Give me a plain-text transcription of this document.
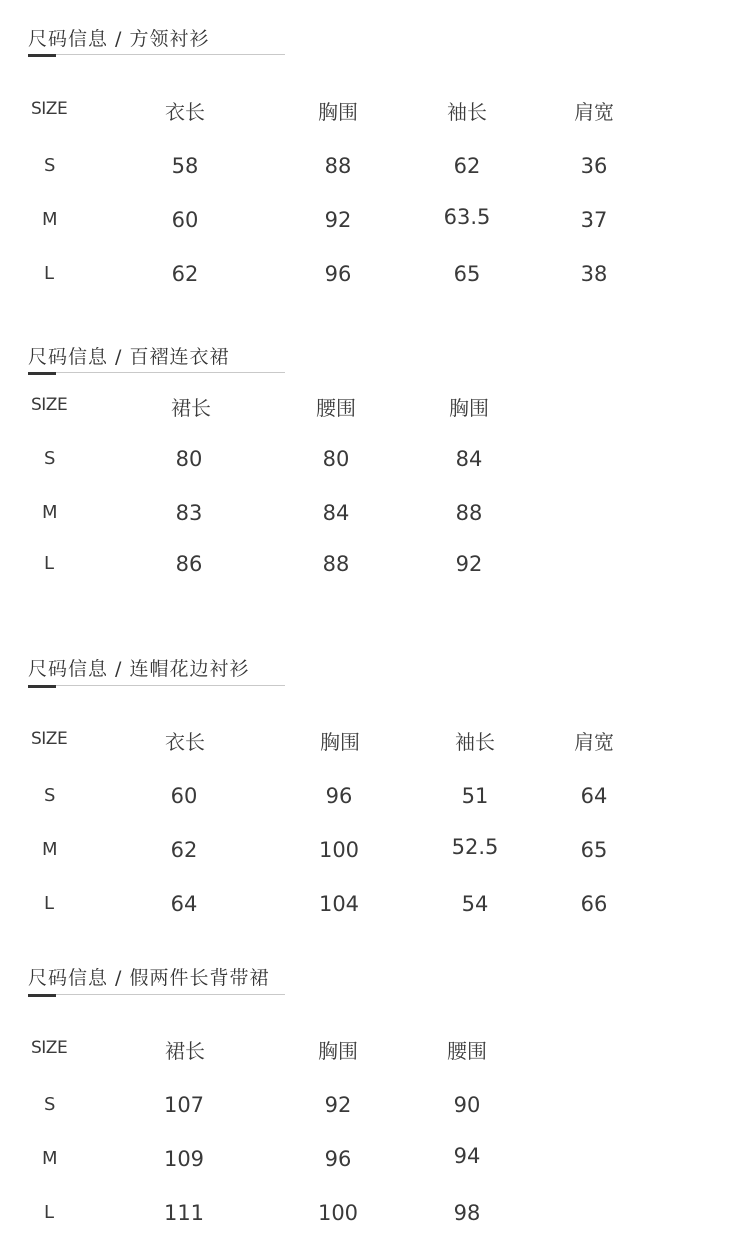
尺码信息 / 方领衬衫
SIZE	衣长	胸围	袖长	肩宽
S	58	88	62	36
M	60	92	63.5	37
L	62	96	65	38
尺码信息 / 百褶连衣裙
SIZE	裙长	腰围	胸围
S	80	80	84
M	83	84	88
L	86	88	92
尺码信息 / 连帽花边衬衫
SIZE	衣长	胸围	袖长	肩宽
S	60	96	51	64
M	62	100	52.5	65
L	64	104	54	66
尺码信息 / 假两件长背带裙
SIZE	裙长	胸围	腰围
S	107	92	90
M	109	96	94
L	111	100	98
